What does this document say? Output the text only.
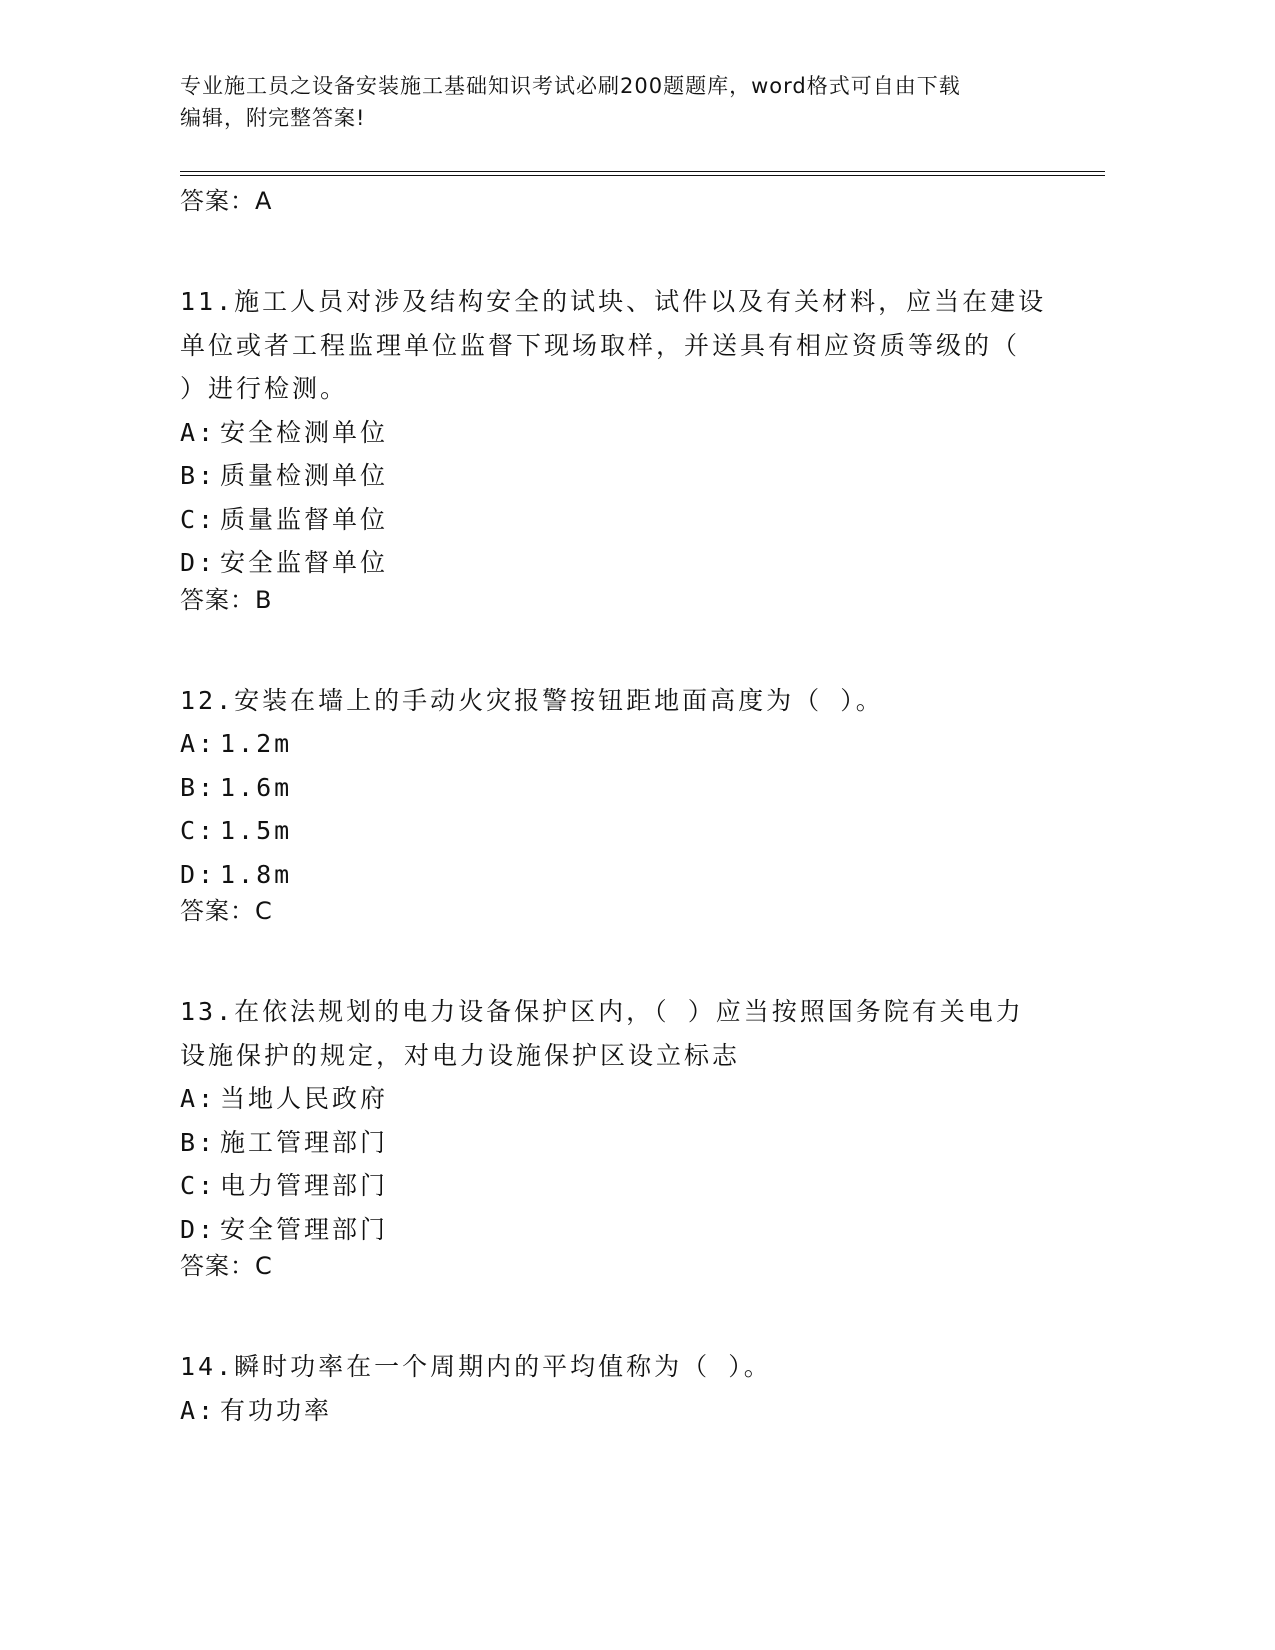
专业施工员之设备安装施工基础知识考试必刷200题题库，word格式可自由下载
编辑，附完整答案!
答案：A
11.施工人员对涉及结构安全的试块、试件以及有关材料，应当在建设
单位或者工程监理单位监督下现场取样，并送具有相应资质等级的（
）进行检测。
A: 安全检测单位
B: 质量检测单位
C: 质量监督单位
D: 安全监督单位
答案：B
12.安装在墙上的手动火灾报警按钮距地面高度为（ ）。
A: 1.2m
B: 1.6m
C: 1.5m
D: 1.8m
答案：C
13.在依法规划的电力设备保护区内，（ ）应当按照国务院有关电力
设施保护的规定，对电力设施保护区设立标志
A: 当地人民政府
B: 施工管理部门
C: 电力管理部门
D: 安全管理部门
答案：C
14.瞬时功率在一个周期内的平均值称为（ ）。
A: 有功功率
